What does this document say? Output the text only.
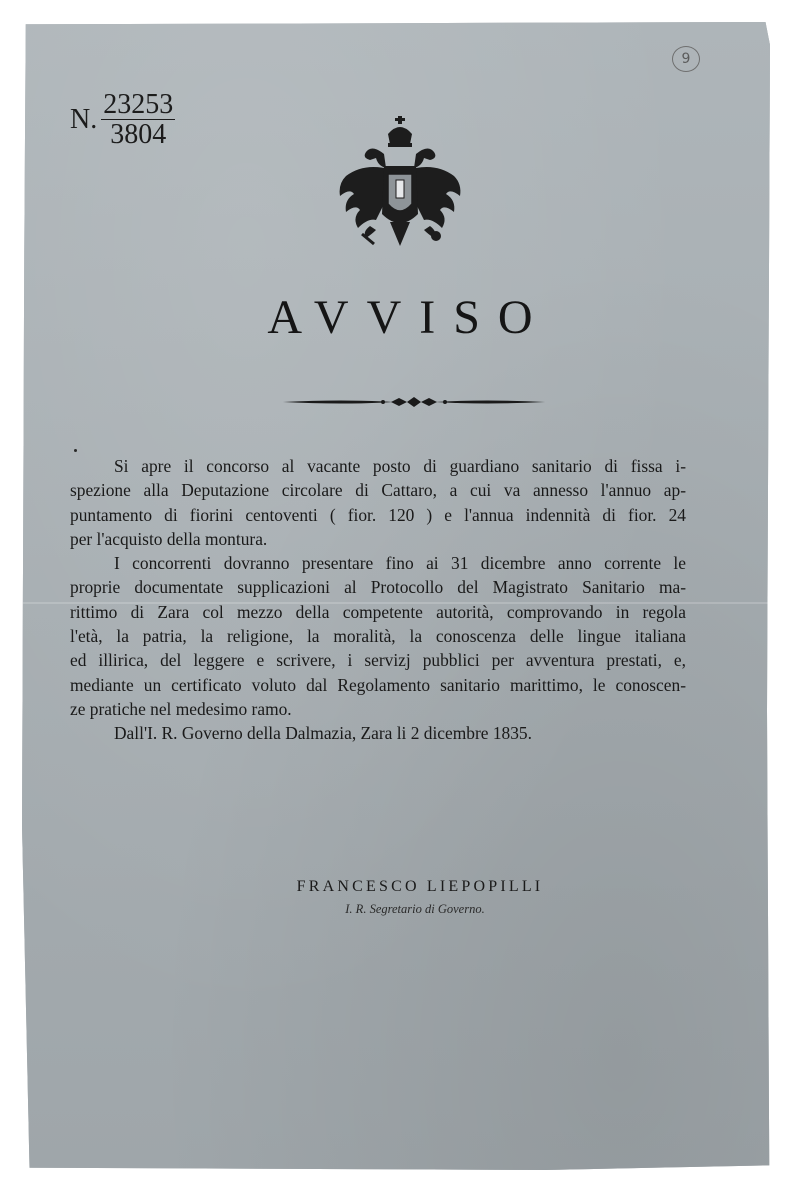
9
N. $\frac{23253}{3804}$
AVVISO
Si apre il concorso al vacante posto di guardiano sanitario di fissa i-
spezione alla Deputazione circolare di Cattaro, a cui va annesso l'annuo ap-
puntamento di fiorini centoventi ( fior. 120 ) e l'annua indennità di fior. 24
per l'acquisto della montura.
I concorrenti dovranno presentare fino ai 31 dicembre anno corrente le
proprie documentate supplicazioni al Protocollo del Magistrato Sanitario ma-
rittimo di Zara col mezzo della competente autorità, comprovando in regola
l'età, la patria, la religione, la moralità, la conoscenza delle lingue italiana
ed illirica, del leggere e scrivere, i servizj pubblici per avventura prestati, e,
mediante un certificato voluto dal Regolamento sanitario marittimo, le conoscen-
ze pratiche nel medesimo ramo.
Dall'I. R. Governo della Dalmazia, Zara li 2 dicembre 1835.
FRANCESCO LIEPOPILLI
I. R. Segretario di Governo.
